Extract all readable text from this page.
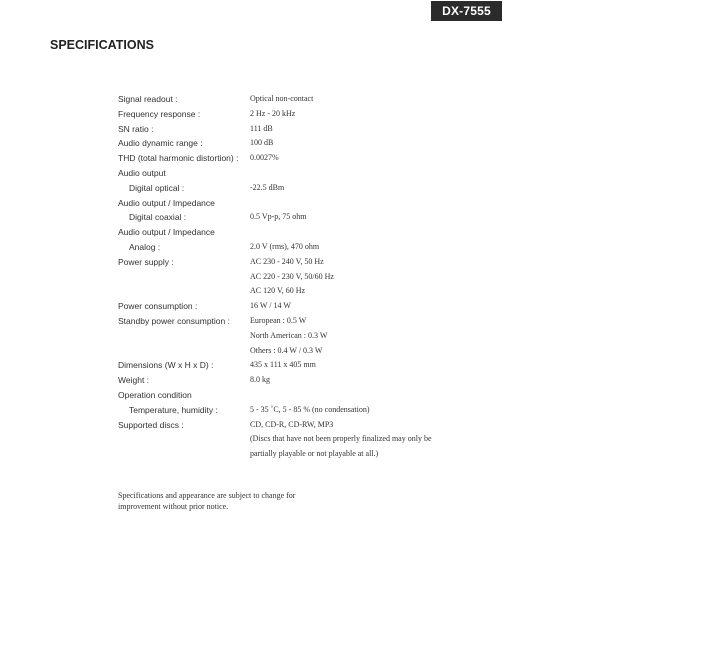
DX-7555
SPECIFICATIONS
Signal readout :	Optical non-contact
Frequency response :	2 Hz - 20 kHz
SN ratio :	111 dB
Audio dynamic range :	100 dB
THD (total harmonic distortion) : 0.0027%
Audio output
Digital optical :	-22.5 dBm
Audio output / Impedance
Digital coaxial :	0.5 Vp-p, 75 ohm
Audio output / Impedance
Analog :	2.0 V (rms), 470 ohm
Power supply :	AC 230 - 240 V, 50 Hz
AC 220 - 230 V, 50/60 Hz
AC 120 V, 60 Hz
Power consumption :	16 W / 14 W
Standby power consumption :	European : 0.5 W
North American : 0.3 W
Others : 0.4 W / 0.3 W
Dimensions (W x H x D) :	435 x 111 x 405 mm
Weight :	8.0 kg
Operation condition
Temperature, humidity :	5 - 35 ˚C, 5 - 85 % (no condensation)
Supported discs :	CD, CD-R, CD-RW, MP3
(Discs that have not been properly finalized may only be
partially playable or not playable at all.)
Specifications and appearance are subject to change for
improvement without prior notice.
